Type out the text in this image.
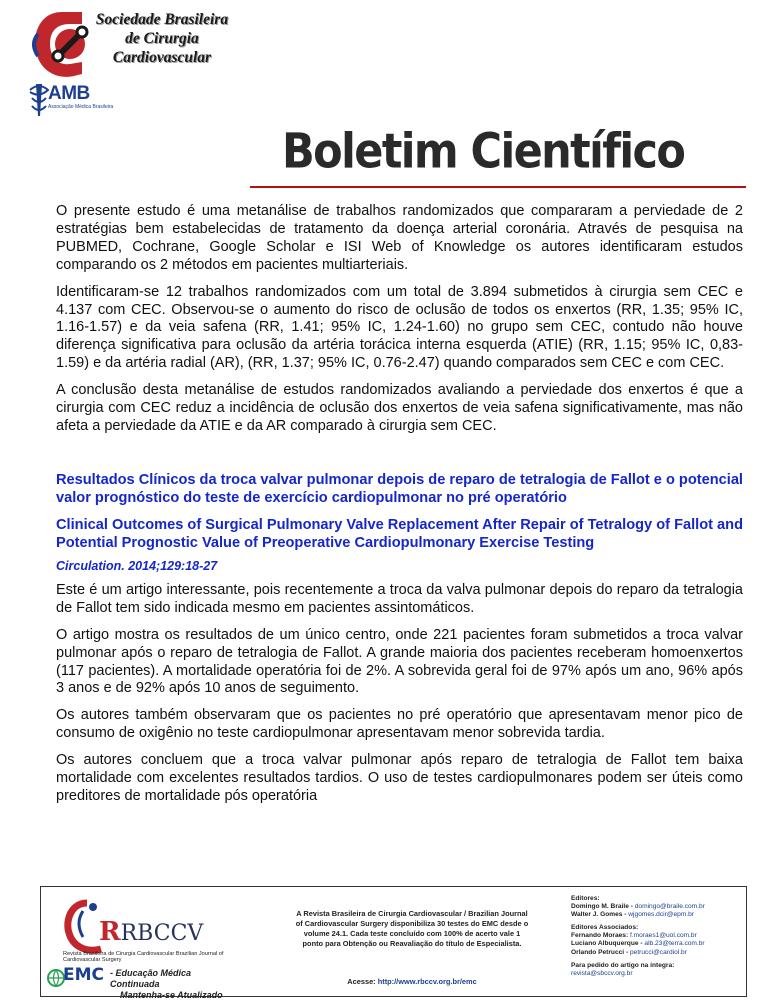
Sociedade Brasileira
de Cirurgia
Cardiovascular
AMB
Associação Médica Brasileira
Boletim Científico

O presente estudo é uma metanálise de trabalhos randomizados que compararam a perviedade de 2 estratégias bem estabelecidas de tratamento da doença arterial coronária. Através de pesquisa na PUBMED, Cochrane, Google Scholar e ISI Web of Knowledge os autores identificaram estudos comparando os 2 métodos em pacientes multiarteriais.

Identificaram-se 12 trabalhos randomizados com um total de 3.894 submetidos à cirurgia sem CEC e 4.137 com CEC. Observou-se o aumento do risco de oclusão de todos os enxertos (RR, 1.35; 95% IC, 1.16-1.57) e da veia safena (RR, 1.41; 95% IC, 1.24-1.60) no grupo sem CEC, contudo não houve diferença significativa para oclusão da artéria torácica interna esquerda (ATIE) (RR, 1.15; 95% IC, 0,83-1.59) e da artéria radial (AR), (RR, 1.37; 95% IC, 0.76-2.47) quando comparados sem CEC e com CEC.

A conclusão desta metanálise de estudos randomizados avaliando a perviedade dos enxertos é que a cirurgia com CEC reduz a incidência de oclusão dos enxertos de veia safena significativamente, mas não afeta a perviedade da ATIE e da AR comparado à cirurgia sem CEC.

Resultados Clínicos da troca valvar pulmonar depois de reparo de tetralogia de Fallot e o potencial valor prognóstico do teste de exercício cardiopulmonar no pré operatório

Clinical Outcomes of Surgical Pulmonary Valve Replacement After Repair of Tetralogy of Fallot and Potential Prognostic Value of Preoperative Cardiopulmonary Exercise Testing

Circulation. 2014;129:18-27

Este é um artigo interessante, pois recentemente a troca da valva pulmonar depois do reparo da tetralogia de Fallot tem sido indicada mesmo em pacientes assintomáticos.

O artigo mostra os resultados de um único centro, onde 221 pacientes foram submetidos a troca valvar pulmonar após o reparo de tetralogia de Fallot. A grande maioria dos pacientes receberam homoenxertos (117 pacientes). A mortalidade operatória foi de 2%. A sobrevida geral foi de 97% após um ano, 96% após 3 anos e de 92% após 10 anos de seguimento.

Os autores também observaram que os pacientes no pré operatório que apresentavam menor pico de consumo de oxigênio no teste cardiopulmonar apresentavam menor sobrevida tardia.

Os autores concluem que a troca valvar pulmonar após reparo de tetralogia de Fallot tem baixa mortalidade com excelentes resultados tardios. O uso de testes cardiopulmonares podem ser úteis como preditores de mortalidade pós operatória

RRBCCV
Revista Brasileira de Cirurgia Cardiovascular Brazilian Journal of Cardiovascular Surgery
EMC - Educação Médica Continuada
Mantenha-se Atualizado
A Revista Brasileira de Cirurgia Cardiovascular / Brazilian Journal of Cardiovascular Surgery disponibiliza 30 testes do EMC desde o volume 24.1. Cada teste concluído com 100% de acerto vale 1 ponto para Obtenção ou Reavaliação do título de Especialista.
Acesse: http://www.rbccv.org.br/emc
Editores:
Domingo M. Braile - domingo@braile.com.br
Walter J. Gomes - wjgomes.dcir@epm.br
Editores Associados:
Fernando Moraes: f.moraes1@uol.com.br
Luciano Albuquerque - alb.23@terra.com.br
Orlando Petrucci - petrucci@cardiol.br
Para pedido do artigo na íntegra:
revista@sbccv.org.br
